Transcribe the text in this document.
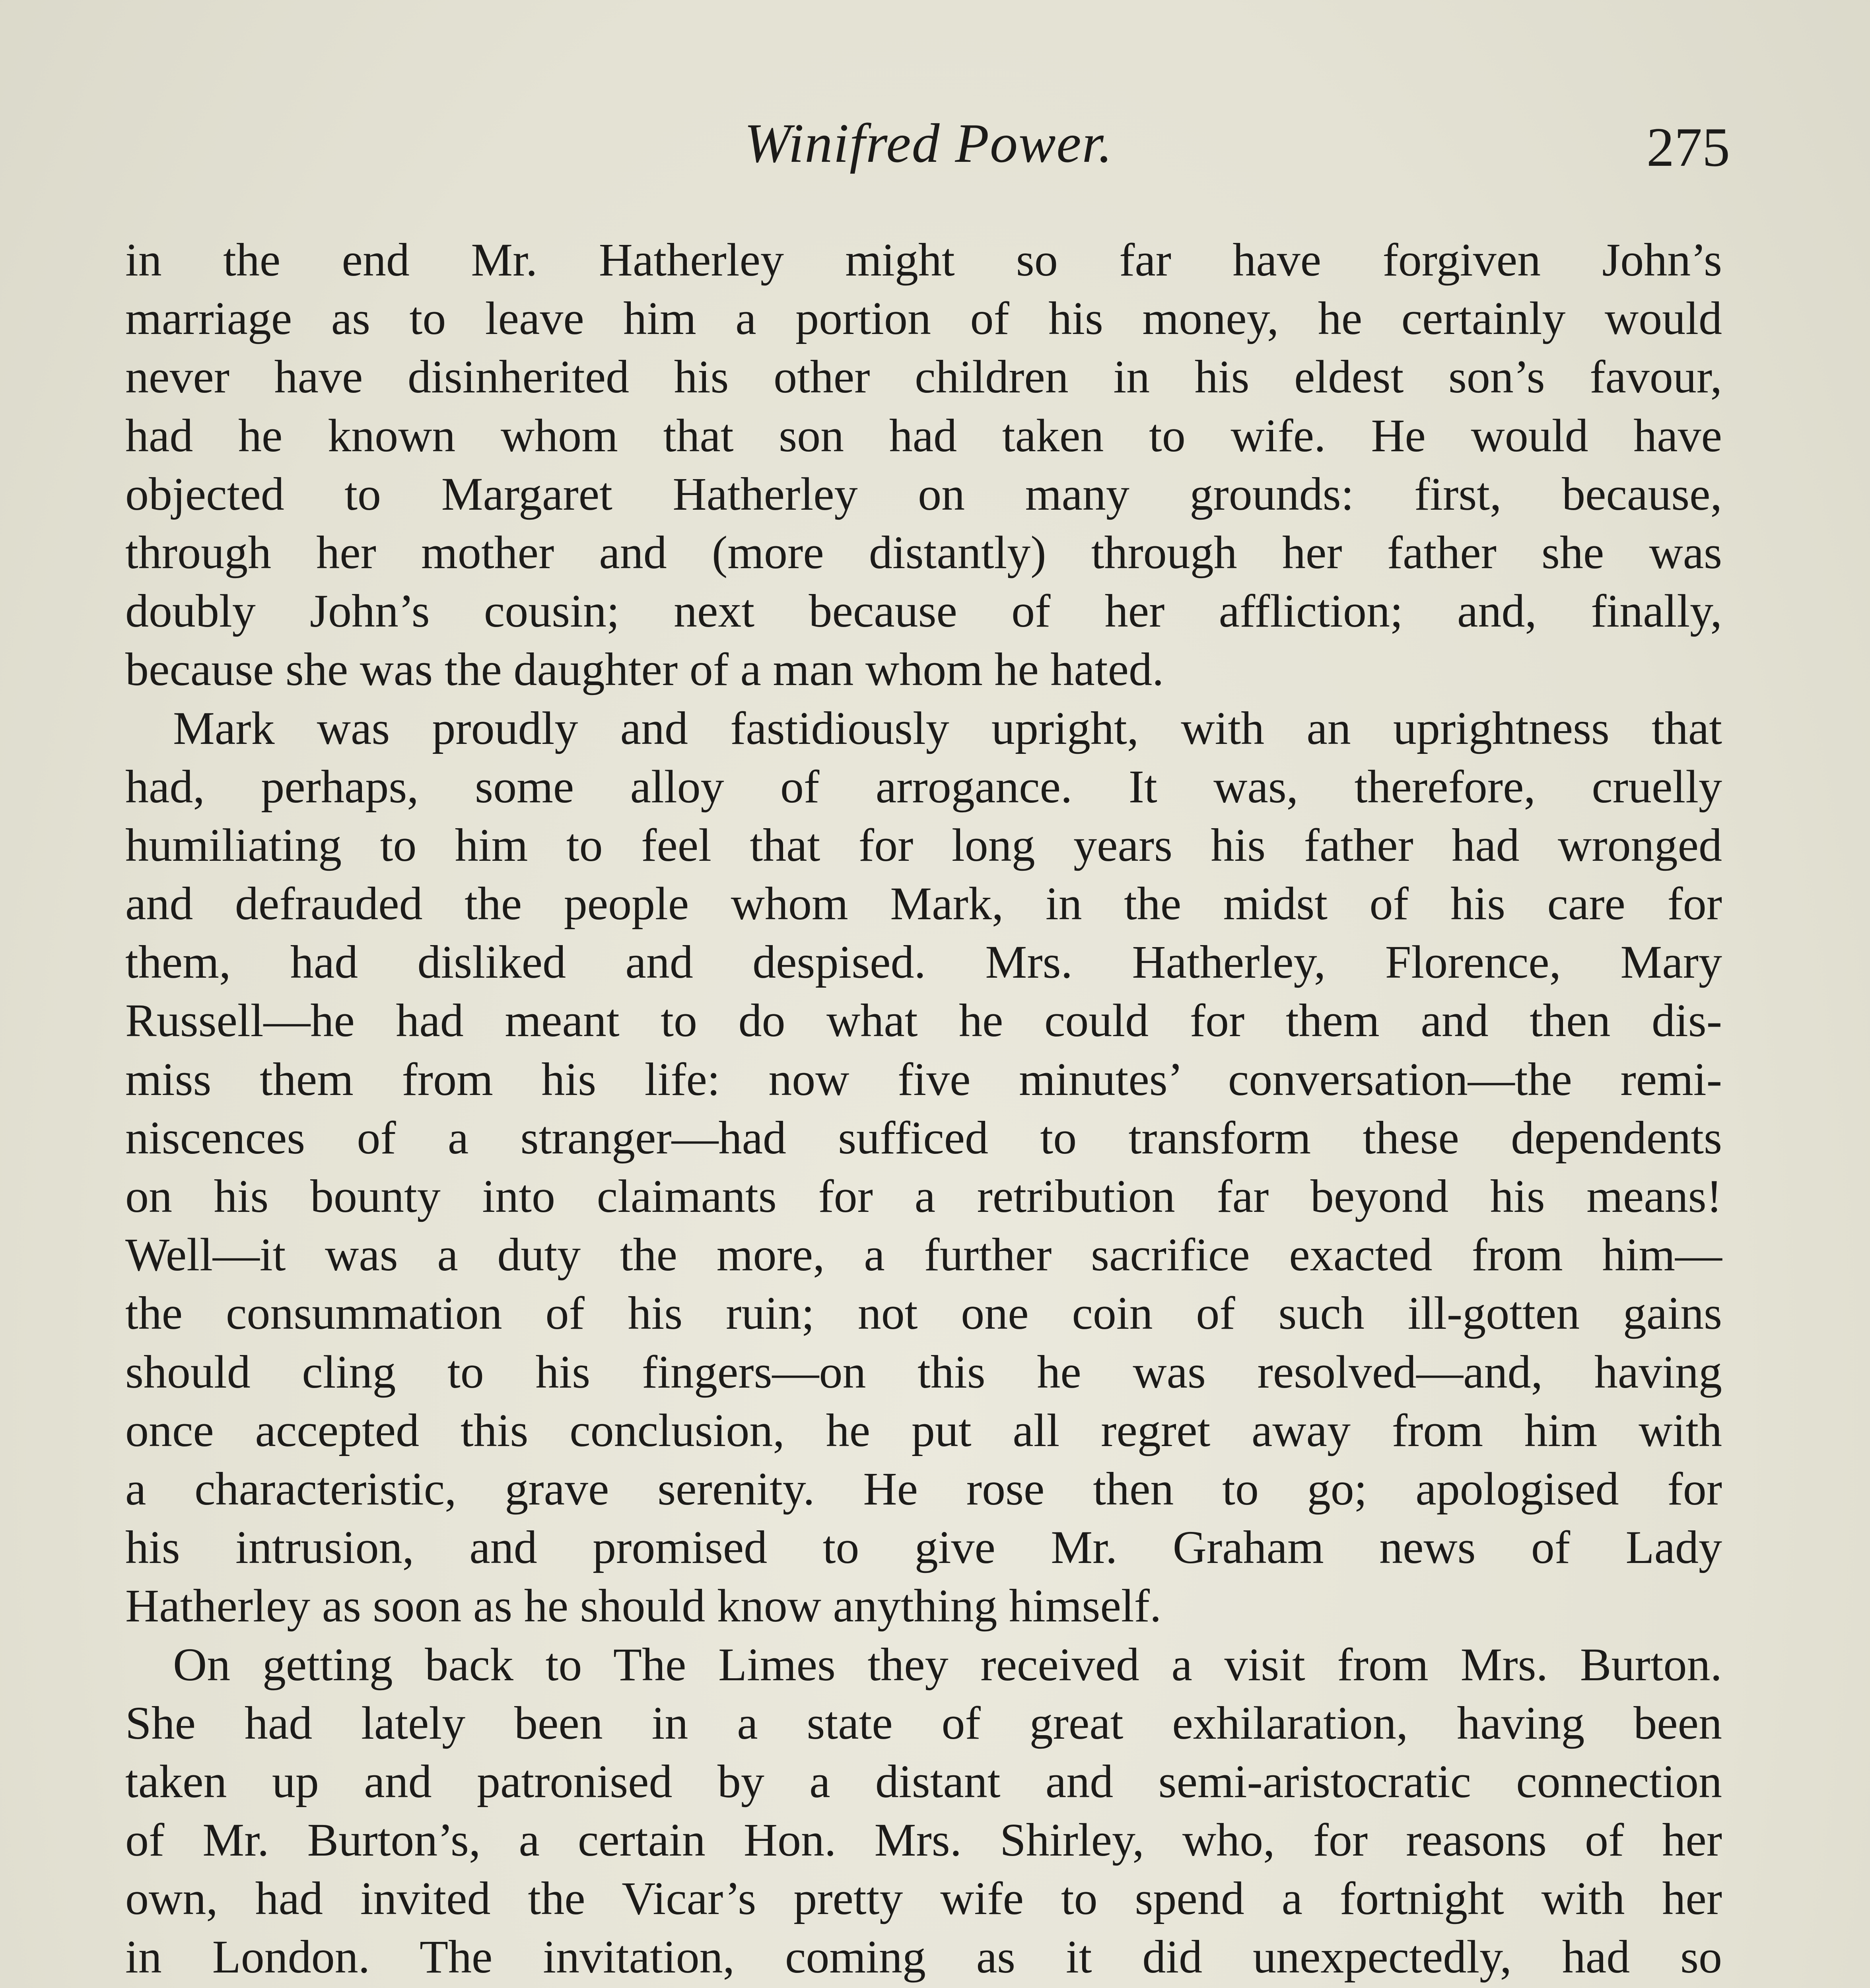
Winifred Power.	275
in the end Mr. Hatherley might so far have forgiven John’s
marriage as to leave him a portion of his money, he certainly would
never have disinherited his other children in his eldest son’s favour,
had he known whom that son had taken to wife. He would have
objected to Margaret Hatherley on many grounds: first, because,
through her mother and (more distantly) through her father she was
doubly John’s cousin; next because of her affliction; and, finally,
because she was the daughter of a man whom he hated.
Mark was proudly and fastidiously upright, with an uprightness that
had, perhaps, some alloy of arrogance. It was, therefore, cruelly
humiliating to him to feel that for long years his father had wronged
and defrauded the people whom Mark, in the midst of his care for
them, had disliked and despised. Mrs. Hatherley, Florence, Mary
Russell—he had meant to do what he could for them and then dis-
miss them from his life: now five minutes’ conversation—the remi-
niscences of a stranger—had sufficed to transform these dependents
on his bounty into claimants for a retribution far beyond his means!
Well—it was a duty the more, a further sacrifice exacted from him—
the consummation of his ruin; not one coin of such ill-gotten gains
should cling to his fingers—on this he was resolved—and, having
once accepted this conclusion, he put all regret away from him with
a characteristic, grave serenity. He rose then to go; apologised for
his intrusion, and promised to give Mr. Graham news of Lady
Hatherley as soon as he should know anything himself.
On getting back to The Limes they received a visit from Mrs. Burton.
She had lately been in a state of great exhilaration, having been
taken up and patronised by a distant and semi-aristocratic connection
of Mr. Burton’s, a certain Hon. Mrs. Shirley, who, for reasons of her
own, had invited the Vicar’s pretty wife to spend a fortnight with her
in London. The invitation, coming as it did unexpectedly, had so
